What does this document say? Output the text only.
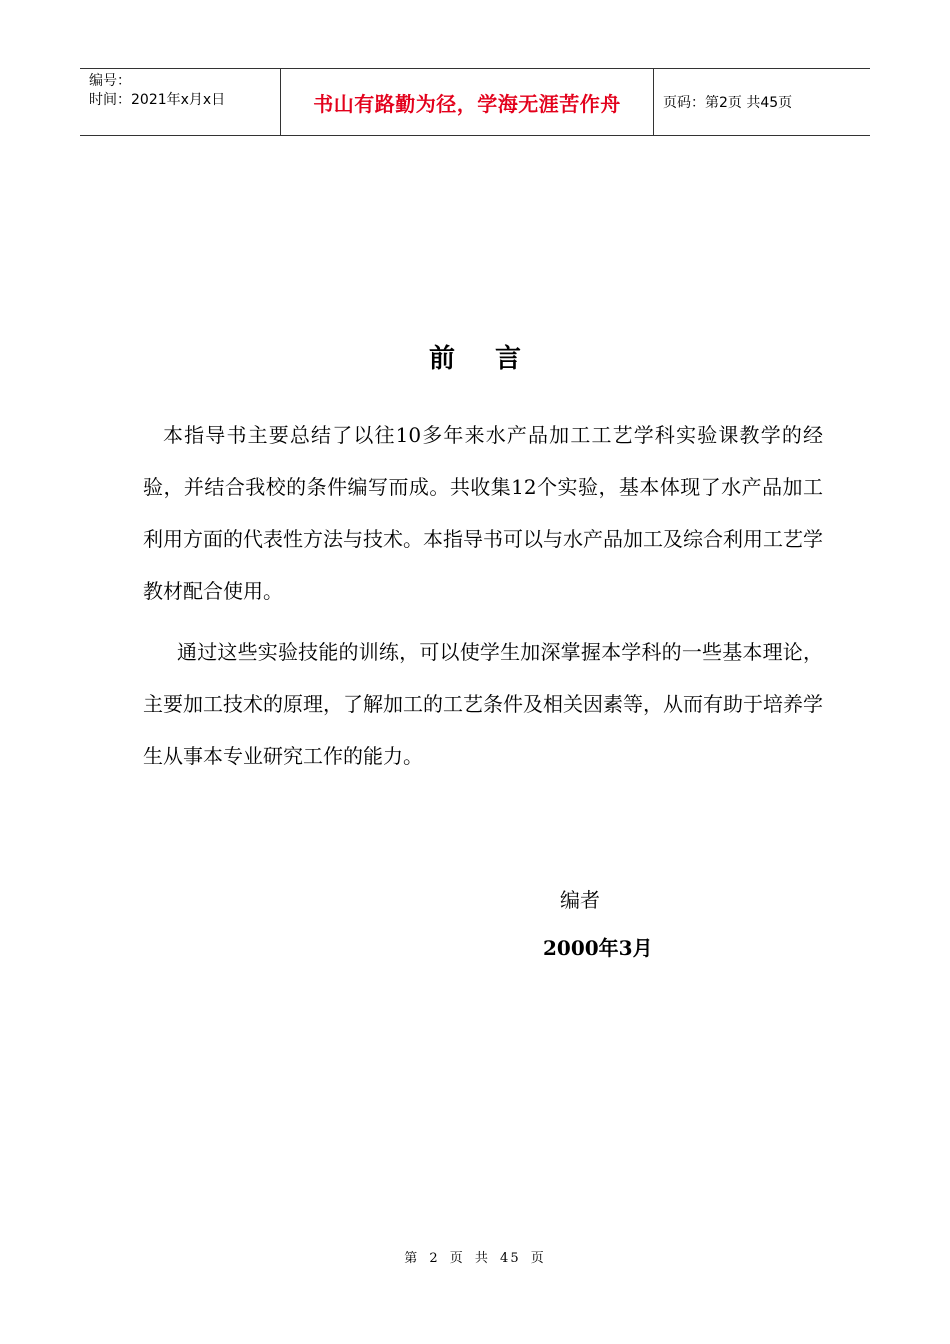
编号：
时间：2021年x月x日	书山有路勤为径，学海无涯苦作舟	页码：第2页 共45页
前言

本指导书主要总结了以往10多年来水产品加工工艺学科实验课教学的经验，并结合我校的条件编写而成。共收集12个实验，基本体现了水产品加工利用方面的代表性方法与技术。本指导书可以与水产品加工及综合利用工艺学教材配合使用。

通过这些实验技能的训练，可以使学生加深掌握本学科的一些基本理论，主要加工技术的原理，了解加工的工艺条件及相关因素等，从而有助于培养学生从事本专业研究工作的能力。

编者
2000年3月
第 2 页 共 45 页
